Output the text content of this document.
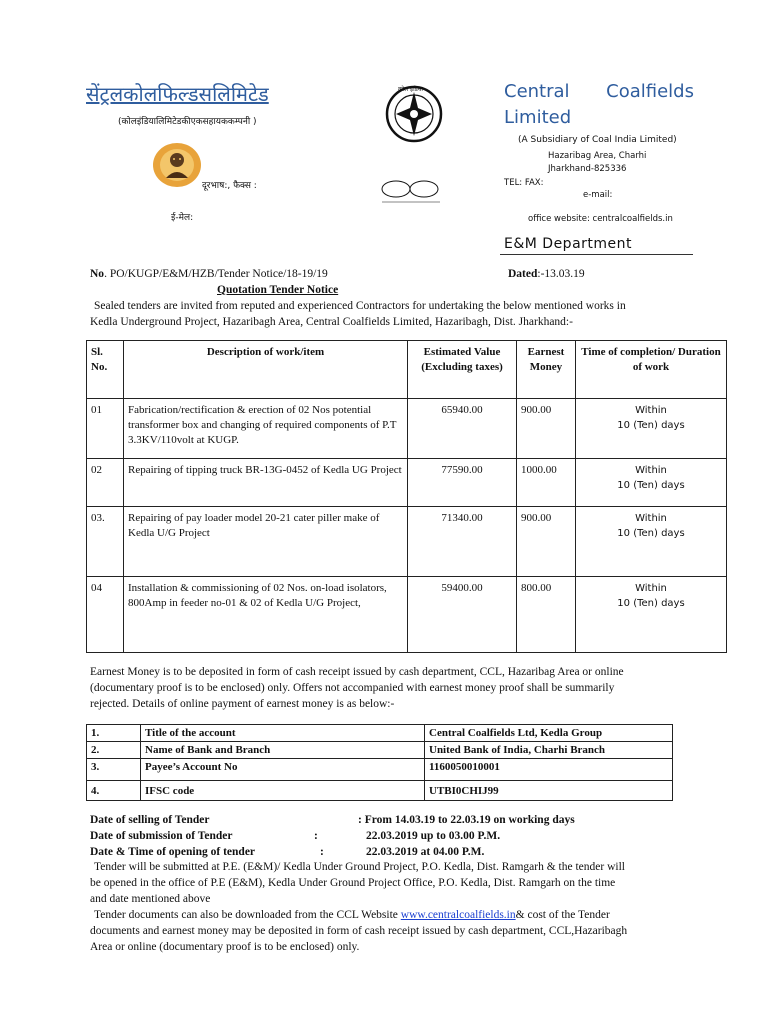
सेंट्रलकोलफिल्डसलिमिटेड
(कोलइंडियालिमिटेडकीएकसहायककम्पनी )
दूरभाष:, फैक्स :
ई-मेल:
कोल इंडिया	Central Coalfields
Limited
(A Subsidiary of Coal India Limited)
Hazaribag Area, Charhi
Jharkhand-825336
TEL: FAX:
e-mail:
office website: centralcoalfields.in
E&M Department
No. PO/KUGP/E&M/HZB/Tender Notice/18-19/19	Dated:-13.03.19
Quotation Tender Notice
Sealed tenders are invited from reputed and experienced Contractors for undertaking the below mentioned works in
Kedla Underground Project, Hazaribagh Area, Central Coalfields Limited, Hazaribagh, Dist. Jharkhand:-
Sl. No.	Description of work/item	Estimated Value (Excluding taxes)	Earnest Money	Time of completion/ Duration of work
01	Fabrication/rectification & erection of 02 Nos potential transformer box and changing of required components of P.T 3.3KV/110volt at KUGP.	65940.00	900.00	Within
10 (Ten) days

02	Repairing of tipping truck BR-13G-0452 of Kedla UG Project	77590.00	1000.00	Within
10 (Ten) days

03.	Repairing of pay loader model 20-21 cater piller make of Kedla U/G Project	71340.00	900.00	Within
10 (Ten) days

04	Installation & commissioning of 02 Nos. on-load isolators, 800Amp in feeder no-01 & 02 of Kedla U/G Project,	59400.00	800.00	Within
10 (Ten) days
Earnest Money is to be deposited in form of cash receipt issued by cash department, CCL, Hazaribag Area or online
(documentary proof is to be enclosed) only. Offers not accompanied with earnest money proof shall be summarily
rejected. Details of online payment of earnest money is as below:-
1.	Title of the account	Central Coalfields Ltd, Kedla Group
2.	Name of Bank and Branch	United Bank of India, Charhi Branch
3.	Payee’s Account No	1160050010001
4.	IFSC code	UTBI0CHIJ99
Date of selling of Tender	: From 14.03.19 to 22.03.19 on working days
Date of submission of Tender	:	22.03.2019 up to 03.00 P.M.
Date & Time of opening of tender	:	22.03.2019 at 04.00 P.M.
Tender will be submitted at P.E. (E&M)/ Kedla Under Ground Project, P.O. Kedla, Dist. Ramgarh & the tender will
be opened in the office of P.E (E&M), Kedla Under Ground Project Office, P.O. Kedla, Dist. Ramgarh on the time
and date mentioned above
Tender documents can also be downloaded from the CCL Website www.centralcoalfields.in& cost of the Tender
documents and earnest money may be deposited in form of cash receipt issued by cash department, CCL,Hazaribagh
Area or online (documentary proof is to be enclosed) only.
